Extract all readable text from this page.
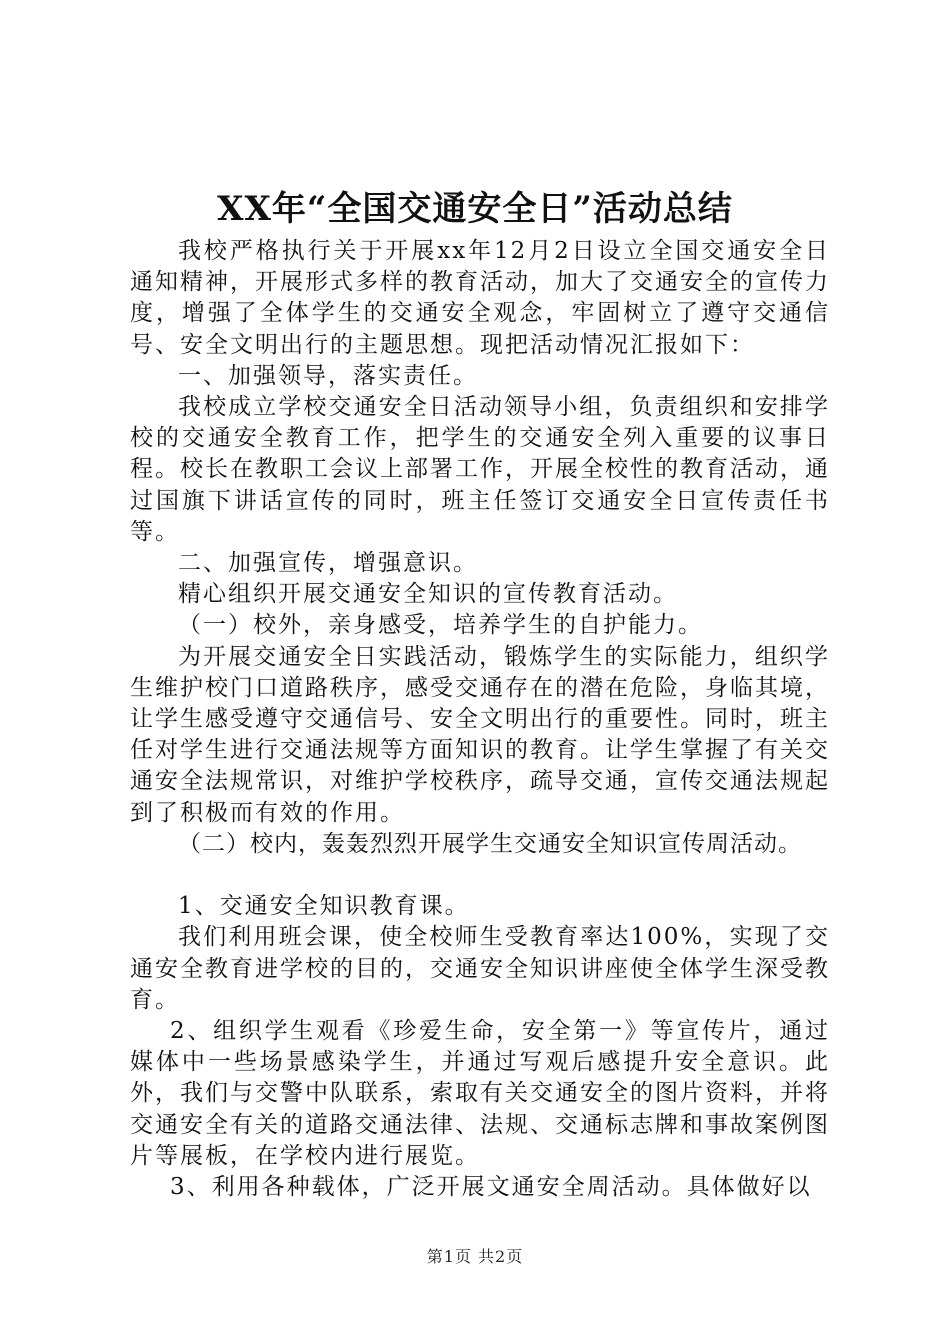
XX年“全国交通安全日”活动总结

我校严格执行关于开展xx年12月2日设立全国交通安全日通知精神，开展形式多样的教育活动，加大了交通安全的宣传力度，增强了全体学生的交通安全观念，牢固树立了遵守交通信号、安全文明出行的主题思想。现把活动情况汇报如下：

一、加强领导，落实责任。

我校成立学校交通安全日活动领导小组，负责组织和安排学校的交通安全教育工作，把学生的交通安全列入重要的议事日程。校长在教职工会议上部署工作，开展全校性的教育活动，通过国旗下讲话宣传的同时，班主任签订交通安全日宣传责任书等。

二、加强宣传，增强意识。

精心组织开展交通安全知识的宣传教育活动。

（一）校外，亲身感受，培养学生的自护能力。

为开展交通安全日实践活动，锻炼学生的实际能力，组织学生维护校门口道路秩序，感受交通存在的潜在危险，身临其境，让学生感受遵守交通信号、安全文明出行的重要性。同时，班主任对学生进行交通法规等方面知识的教育。让学生掌握了有关交通安全法规常识，对维护学校秩序，疏导交通，宣传交通法规起到了积极而有效的作用。

（二）校内，轰轰烈烈开展学生交通安全知识宣传周活动。

1、交通安全知识教育课。

我们利用班会课，使全校师生受教育率达100%，实现了交通安全教育进学校的目的，交通安全知识讲座使全体学生深受教育。

2、组织学生观看《珍爱生命，安全第一》等宣传片，通过媒体中一些场景感染学生，并通过写观后感提升安全意识。此外，我们与交警中队联系，索取有关交通安全的图片资料，并将交通安全有关的道路交通法律、法规、交通标志牌和事故案例图片等展板，在学校内进行展览。

3、利用各种载体，广泛开展文通安全周活动。具体做好以

第1页 共2页
